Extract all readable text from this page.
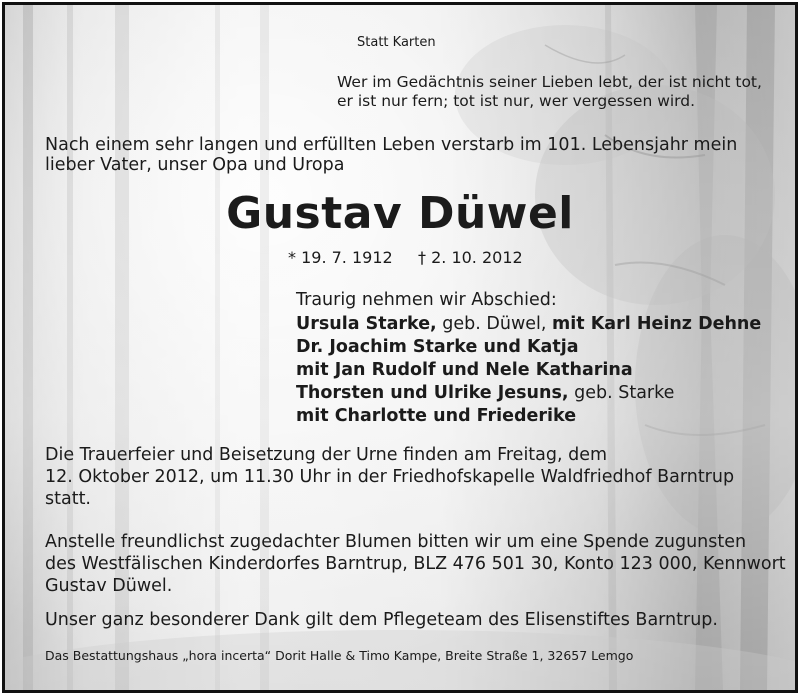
Statt Karten
Wer im Gedächtnis seiner Lieben lebt, der ist nicht tot,
er ist nur fern; tot ist nur, wer vergessen wird.
Nach einem sehr langen und erfüllten Leben verstarb im 101. Lebensjahr mein
lieber Vater, unser Opa und Uropa
Gustav Düwel
* 19. 7. 1912 † 2. 10. 2012
Traurig nehmen wir Abschied:
Ursula Starke, geb. Düwel, mit Karl Heinz Dehne
Dr. Joachim Starke und Katja
mit Jan Rudolf und Nele Katharina
Thorsten und Ulrike Jesuns, geb. Starke
mit Charlotte und Friederike
Die Trauerfeier und Beisetzung der Urne finden am Freitag, dem
12. Oktober 2012, um 11.30 Uhr in der Friedhofskapelle Waldfriedhof Barntrup
statt.
Anstelle freundlichst zugedachter Blumen bitten wir um eine Spende zugunsten
des Westfälischen Kinderdorfes Barntrup, BLZ 476 501 30, Konto 123 000, Kennwort
Gustav Düwel.
Unser ganz besonderer Dank gilt dem Pflegeteam des Elisenstiftes Barntrup.
Das Bestattungshaus „hora incerta“ Dorit Halle & Timo Kampe, Breite Straße 1, 32657 Lemgo
